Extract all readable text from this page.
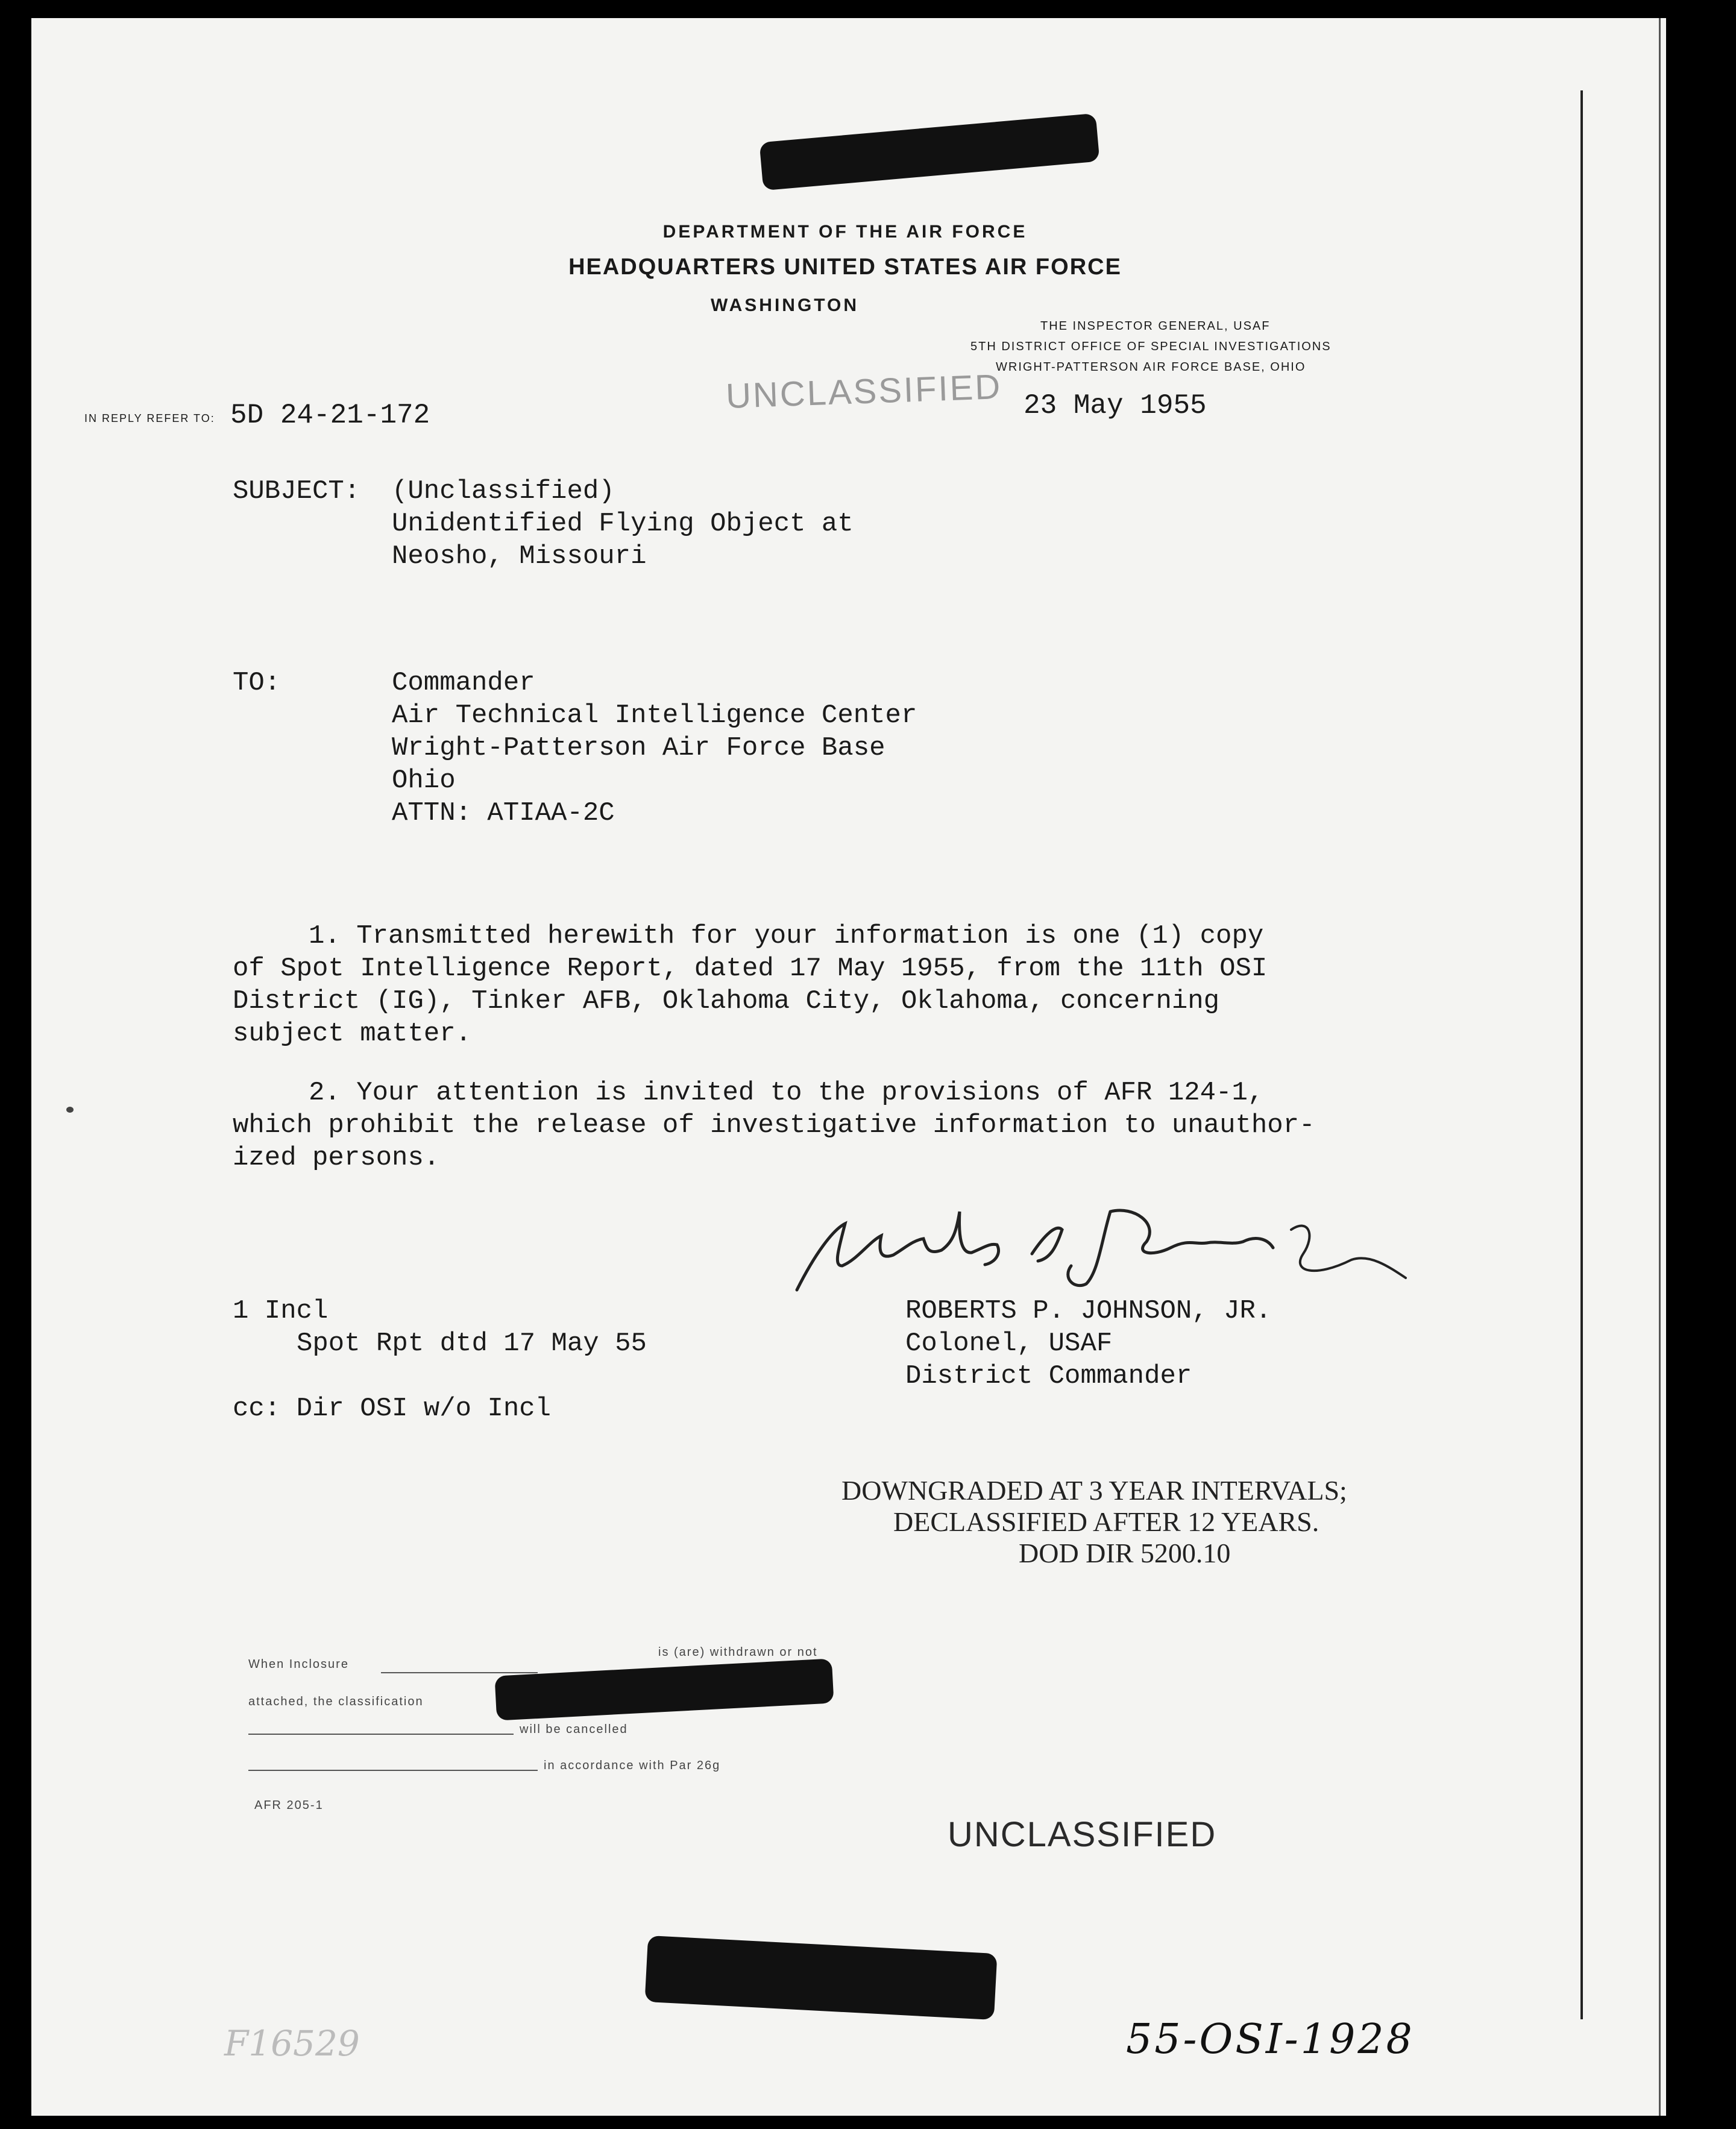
DEPARTMENT OF THE AIR FORCE
HEADQUARTERS UNITED STATES AIR FORCE
WASHINGTON
THE INSPECTOR GENERAL, USAF
5TH DISTRICT OFFICE OF SPECIAL INVESTIGATIONS
WRIGHT-PATTERSON AIR FORCE BASE, OHIO
UNCLASSIFIED
IN REPLY REFER TO: 5D 24-21-172	23 May 1955
SUBJECT: (Unclassified)
Unidentified Flying Object at
Neosho, Missouri
TO:	Commander
Air Technical Intelligence Center
Wright-Patterson Air Force Base
Ohio
ATTN: ATIAA-2C
1. Transmitted herewith for your information is one (1) copy
of Spot Intelligence Report, dated 17 May 1955, from the 11th OSI
District (IG), Tinker AFB, Oklahoma City, Oklahoma, concerning
subject matter.
2. Your attention is invited to the provisions of AFR 124-1,
which prohibit the release of investigative information to unauthor-
ized persons.
ROBERTS P. JOHNSON, JR.
Colonel, USAF
District Commander
1 Incl
Spot Rpt dtd 17 May 55
cc: Dir OSI w/o Incl
DOWNGRADED AT 3 YEAR INTERVALS;
DECLASSIFIED AFTER 12 YEARS.
DOD DIR 5200.10
When Inclosure
is (are) withdrawn or not
attached, the classification
will be cancelled
in accordance with Par 26g
AFR 205-1
UNCLASSIFIED
F16529	55-OSI-1928
